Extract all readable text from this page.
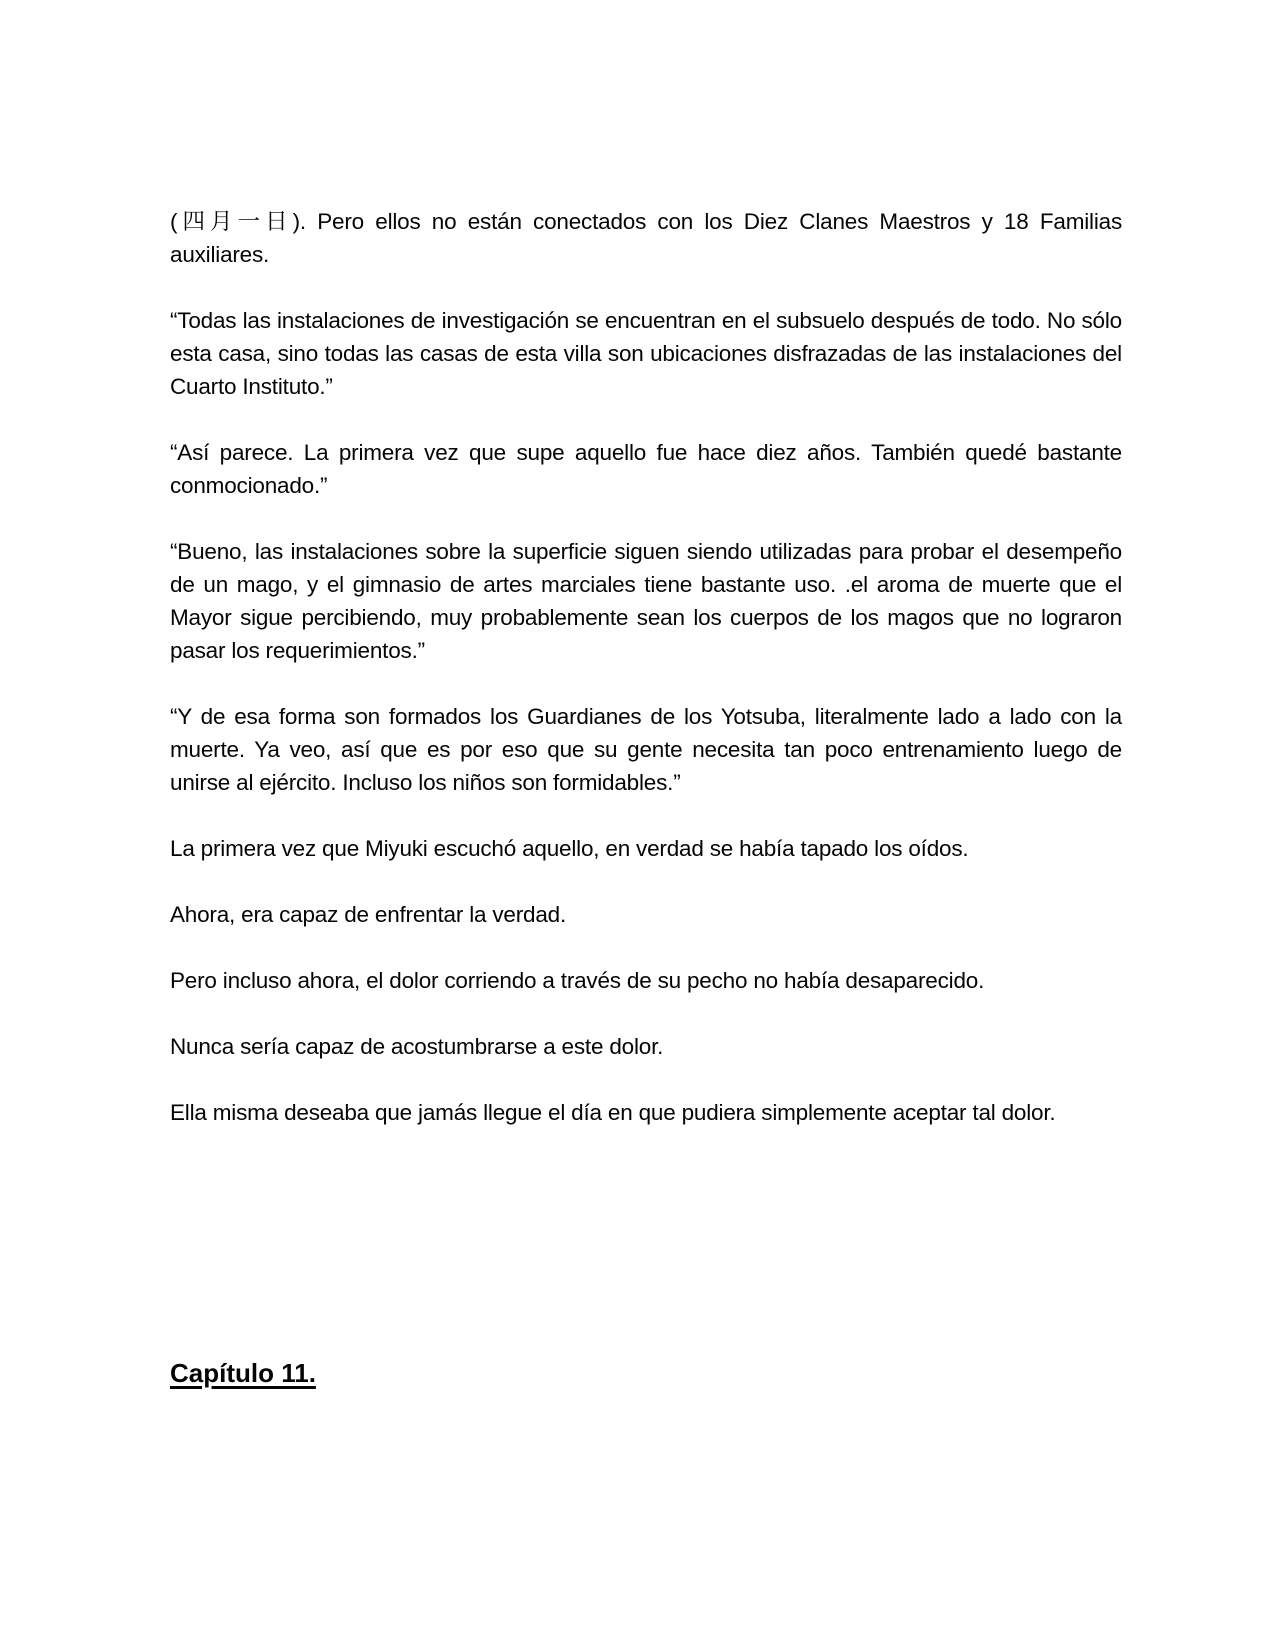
(四月一日). Pero ellos no están conectados con los Diez Clanes Maestros y 18 Familias auxiliares.

“Todas las instalaciones de investigación se encuentran en el subsuelo después de todo. No sólo esta casa, sino todas las casas de esta villa son ubicaciones disfrazadas de las instalaciones del Cuarto Instituto.”

“Así parece. La primera vez que supe aquello fue hace diez años. También quedé bastante conmocionado.”

“Bueno, las instalaciones sobre la superficie siguen siendo utilizadas para probar el desempeño de un mago, y el gimnasio de artes marciales tiene bastante uso. .el aroma de muerte que el Mayor sigue percibiendo, muy probablemente sean los cuerpos de los magos que no lograron pasar los requerimientos.”

“Y de esa forma son formados los Guardianes de los Yotsuba, literalmente lado a lado con la muerte. Ya veo, así que es por eso que su gente necesita tan poco entrenamiento luego de unirse al ejército. Incluso los niños son formidables.”

La primera vez que Miyuki escuchó aquello, en verdad se había tapado los oídos.

Ahora, era capaz de enfrentar la verdad.

Pero incluso ahora, el dolor corriendo a través de su pecho no había desaparecido.

Nunca sería capaz de acostumbrarse a este dolor.

Ella misma deseaba que jamás llegue el día en que pudiera simplemente aceptar tal dolor.

Capítulo 11.
